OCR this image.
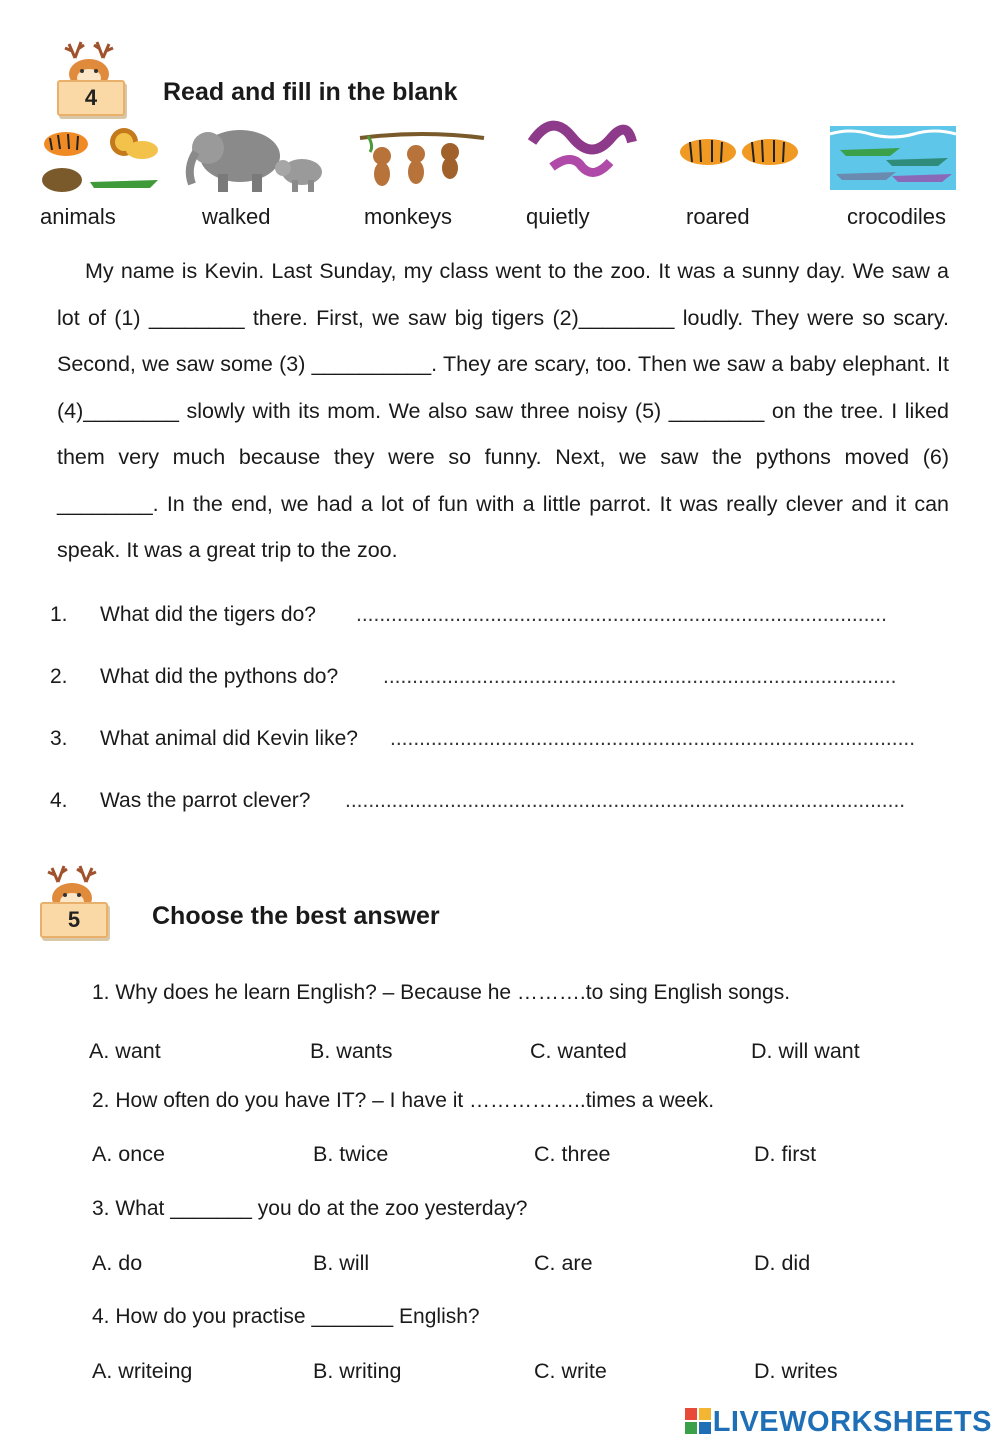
4	Read and fill in the blank
animals	walked	monkeys	quietly	roared	crocodiles

My name is Kevin. Last Sunday, my class went to the zoo. It was a sunny day. We saw a lot of (1) ________ there. First, we saw big tigers (2)________ loudly. They were so scary. Second, we saw some (3) __________. They are scary, too. Then we saw a baby elephant. It (4)________ slowly with its mom. We also saw three noisy (5) ________ on the tree. I liked them very much because they were so funny. Next, we saw the pythons moved (6) ________. In the end, we had a lot of fun with a little parrot. It was really clever and it can speak. It was a great trip to the zoo.

1. What did the tigers do? ...........................................................................................
2. What did the pythons do? ........................................................................................
3. What animal did Kevin like? ..........................................................................................
4. Was the parrot clever? ................................................................................................
5	Choose the best answer
1. Why does he learn English? – Because he ……….to sing English songs.
A. want	B. wants	C. wanted	D. will want
2. How often do you have IT? – I have it ……………..times a week.
A. once	B. twice	C. three	D. first
3. What _______ you do at the zoo yesterday?
A. do	B. will	C. are	D. did
4. How do you practise _______ English?
A. writeing	B. writing	C. write	D. writes
LIVEWORKSHEETS
